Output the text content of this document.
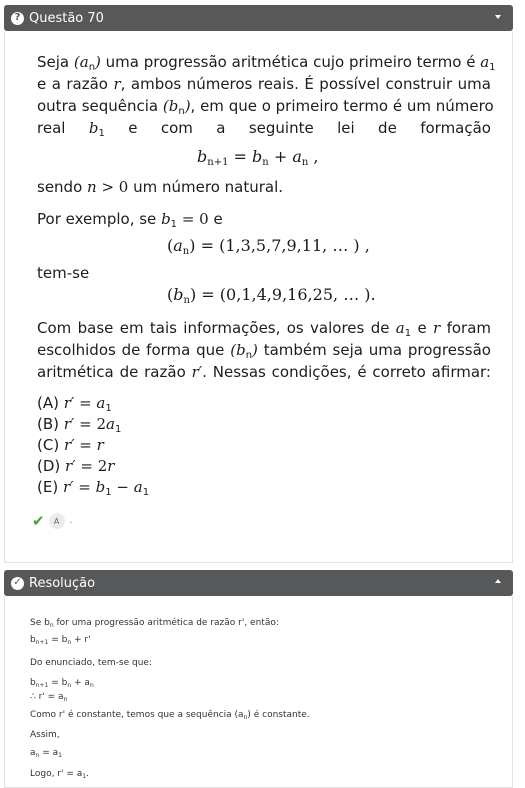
? Questão 70
Seja $(a_n)$ uma progressão aritmética cujo primeiro termo é $a_1$
e a razão r, ambos números reais. É possível construir uma
outra sequência $(b_n)$, em que o primeiro termo é um número
real $b_1$ e com a seguinte lei de formação
$b_{n+1} = b_n + a_n$ ,
sendo n > 0 um número natural.
Por exemplo, se $b_1 = 0$ e
$(a_n) = (1,3,5,7,9,11$, … ) ,
tem-se
$(b_n) = (0,1,4,9,16,25$, … ).
Com base em tais informações, os valores de $a_1$ e r foram
escolhidos de forma que $(b_n)$ também seja uma progressão
aritmética de razão r′. Nessas condições, é correto afirmar:
(A) $r' = a_1$
(B) $r' = 2a_1$
(C) r′ = r
(D) r′ = 2r
(E) $r' = b_1 - a_1$
✔	A	.
✓ Resolução
Se $b_n$ for uma progressão aritmética de razão r', então:
$b_{n+1} = b_n + r'$
Do enunciado, tem-se que:
$b_{n+1} = b_n + a_n$
∴ $r' = a_n$
Como r' é constante, temos que a sequência $(a_n)$ é constante.
Assim,
$a_n = a_1$
Logo, $r' = a_1$.
